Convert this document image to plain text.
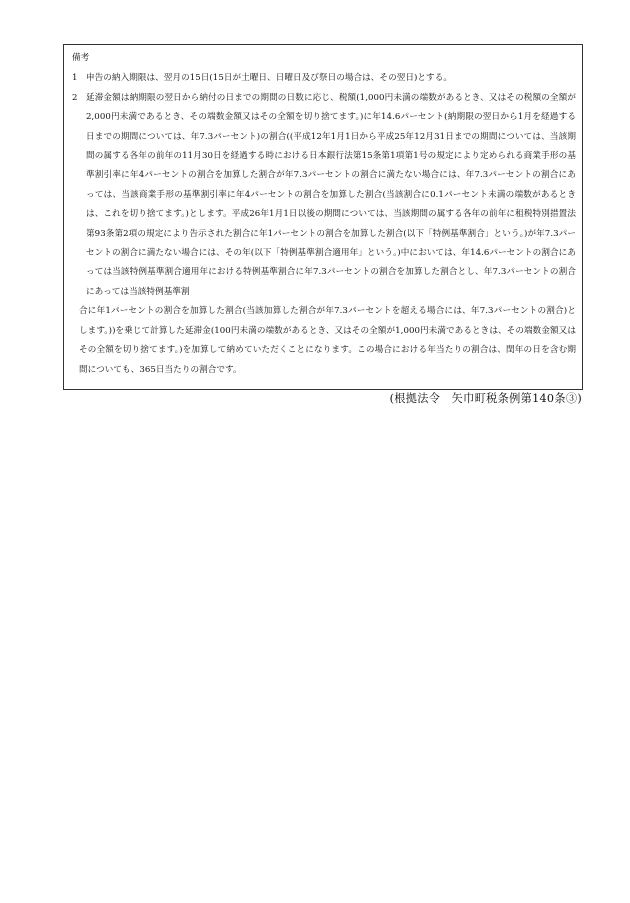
備考
1 申告の納入期限は、翌月の15日(15日が土曜日、日曜日及び祭日の場合は、その翌日)とする。
2 延滞金額は納期限の翌日から納付の日までの期間の日数に応じ、税額(1,000円未満の端数があるとき、又はその税額の全額が2,000円未満であるとき、その端数金額又はその全額を切り捨てます。)に年14.6パーセント(納期限の翌日から1月を経過する日までの期間については、年7.3パーセント)の割合((平成12年1月1日から平成25年12月31日までの期間については、当該期間の属する各年の前年の11月30日を経過する時における日本銀行法第15条第1項第1号の規定により定められる商業手形の基準割引率に年4パーセントの割合を加算した割合が年7.3パーセントの割合に満たない場合には、年7.3パーセントの割合にあっては、当該商業手形の基準割引率に年4パーセントの割合を加算した割合(当該割合に0.1パーセント未満の端数があるときは、これを切り捨てます。)とします。平成26年1月1日以後の期間については、当該期間の属する各年の前年に租税特別措置法第93条第2項の規定により告示された割合に年1パーセントの割合を加算した割合(以下「特例基準割合」という。)が年7.3パーセントの割合に満たない場合には、その年(以下「特例基準割合適用年」という。)中においては、年14.6パーセントの割合にあっては当該特例基準割合適用年における特例基準割合に年7.3パーセントの割合を加算した割合とし、年7.3パーセントの割合にあっては当該特例基準割
合に年1パーセントの割合を加算した割合(当該加算した割合が年7.3パーセントを超える場合には、年7.3パーセントの割合)とします。))を乗じて計算した延滞金(100円未満の端数があるとき、又はその全額が1,000円未満であるときは、その端数金額又はその全額を切り捨てます。)を加算して納めていただくことになります。この場合における年当たりの割合は、閏年の日を含む期間についても、365日当たりの割合です。
(根拠法令　矢巾町税条例第140条③)
